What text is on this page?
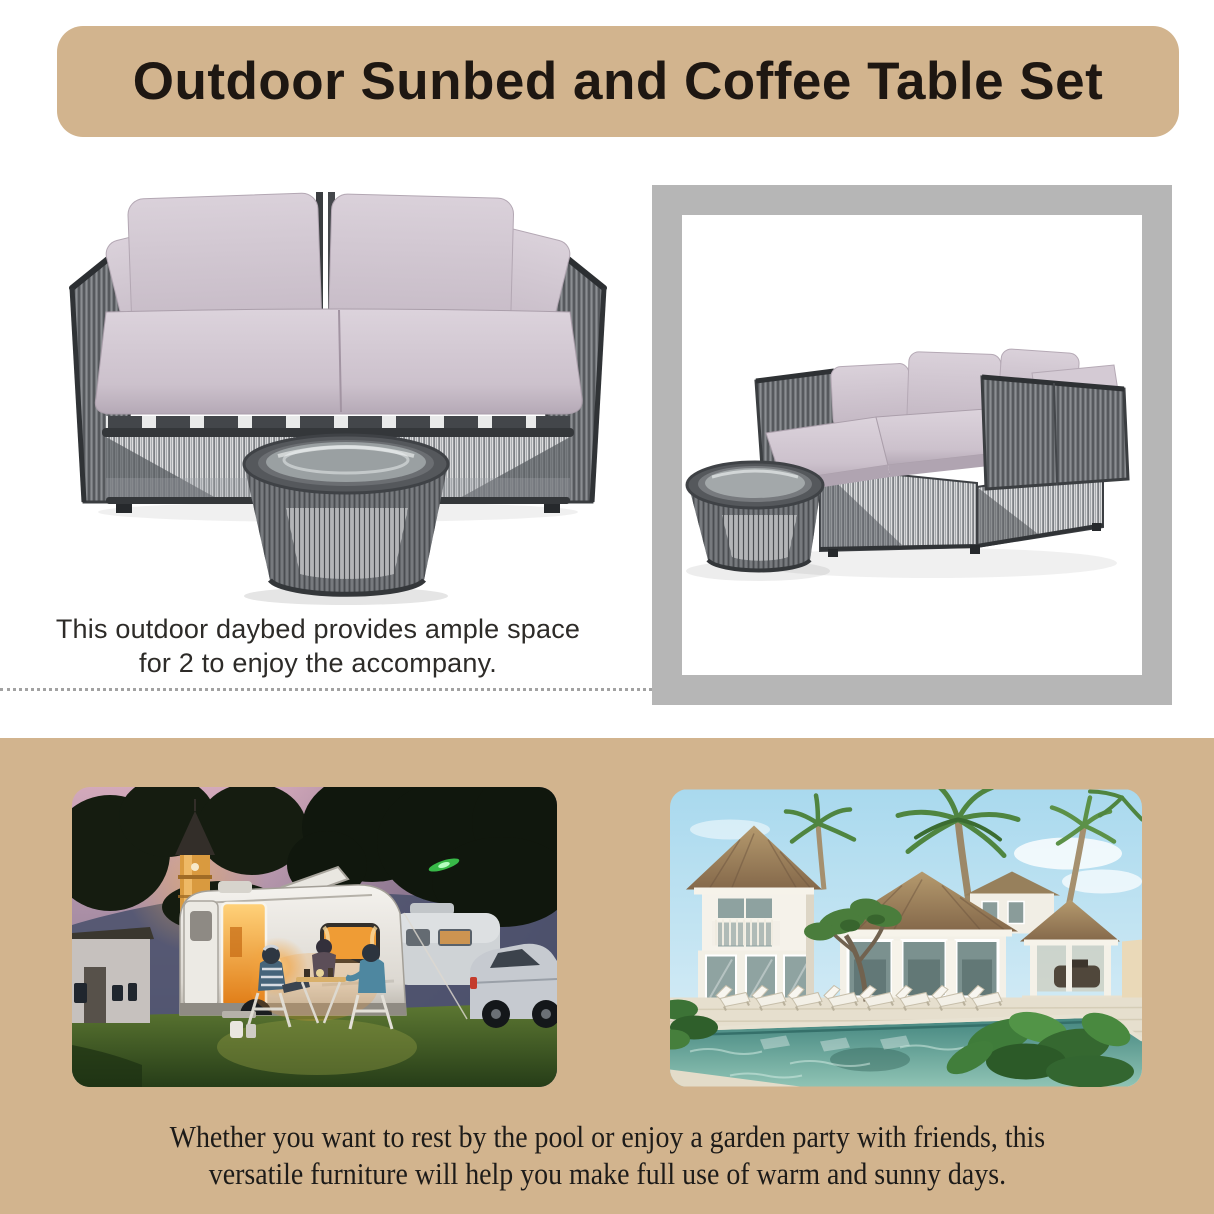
Outdoor Sunbed and Coffee Table Set
This outdoor daybed provides ample space
for 2 to enjoy the accompany.
Whether you want to rest by the pool or enjoy a garden party with friends, this
versatile furniture will help you make full use of warm and sunny days.
